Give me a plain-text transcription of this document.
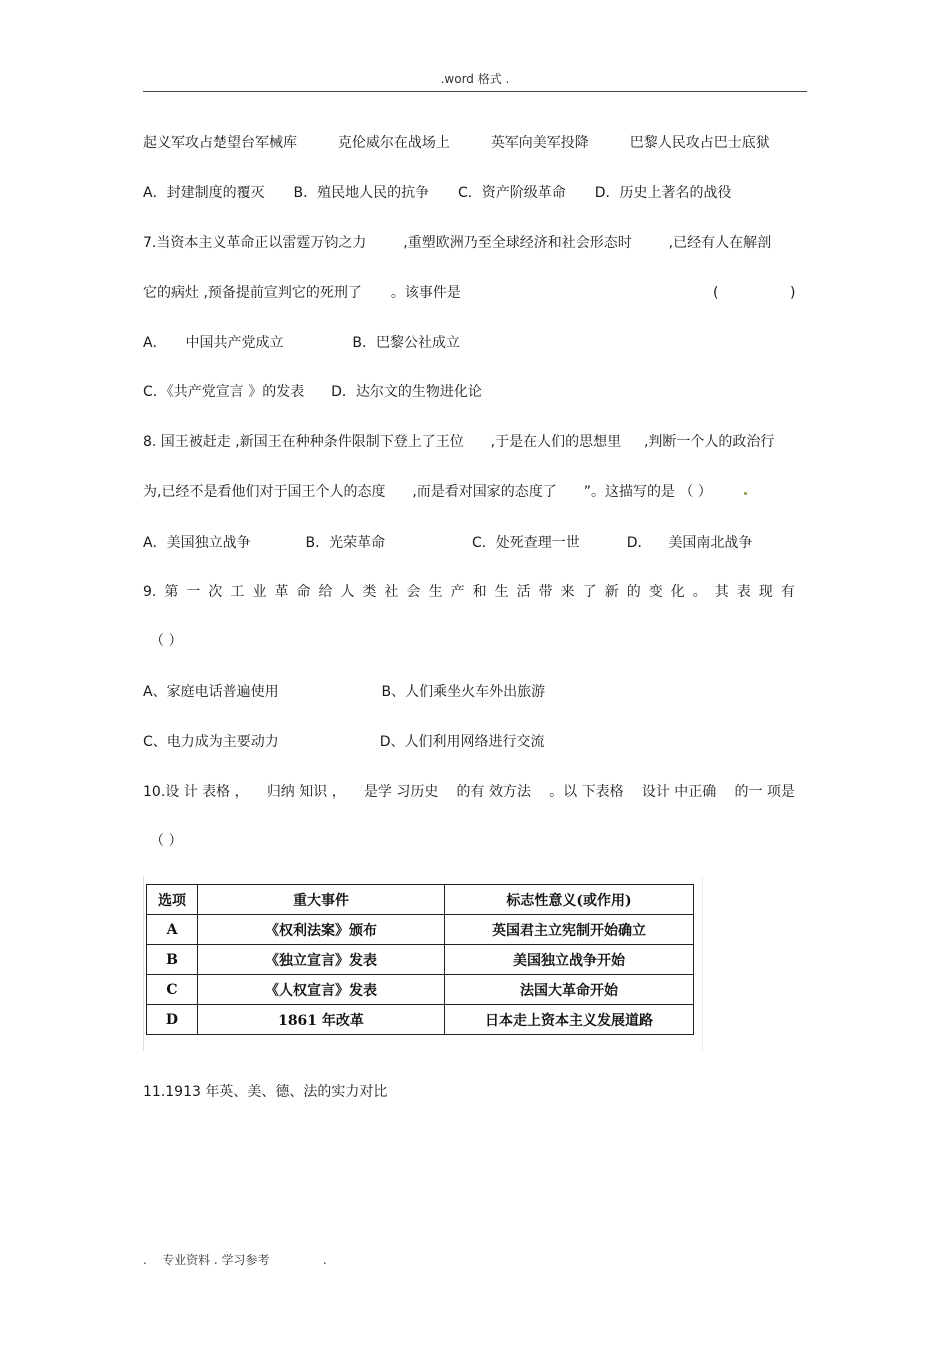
.word 格式 .
起义军攻占楚望台军械库	克伦威尔在战场上	英军向美军投降	巴黎人民攻占巴士底狱
A．封建制度的覆灭 B．殖民地人民的抗争 C．资产阶级革命 D．历史上著名的战役
7.当资本主义革命正以雷霆万钧之力	,重塑欧洲乃至全球经济和社会形态时	,已经有人在解剖
它的病灶 ,预备提前宣判它的死刑了 。该事件是	(	)
A． 中国共产党成立	B．巴黎公社成立
C．《共产党宣言 》的发表 D．达尔文的生物进化论
8. 国王被赶走 ,新国王在种种条件限制下登上了王位 ,于是在人们的思想里 ,判断一个人的政治行
为,已经不是看他们对于国王个人的态度 ,而是看对国家的态度了 ”。这描写的是 （ ）
A．美国独立战争	B．光荣革命	C．处死查理一世	D． 美国南北战争
9. 第 一 次 工 业 革 命 给 人 类 社 会 生 产 和 生 活 带 来 了 新 的 变 化 。 其 表 现 有
（ ）
A、家庭电话普遍使用	B、人们乘坐火车外出旅游
C、电力成为主要动力	D、人们利用网络进行交流
10.设 计 表格 ， 归纳 知识 ， 是学 习历史 的有 效方法 。以 下表格 设计 中正确 的一 项是
（ ）
选项	重大事件	标志性意义(或作用)
A	《权利法案》颁布	英国君主立宪制开始确立
B	《独立宣言》发表	美国独立战争开始
C	《人权宣言》发表	法国大革命开始
D	1861 年改革	日本走上资本主义发展道路
11.1913 年英、美、德、法的实力对比
.    专业资料 . 学习参考              .
